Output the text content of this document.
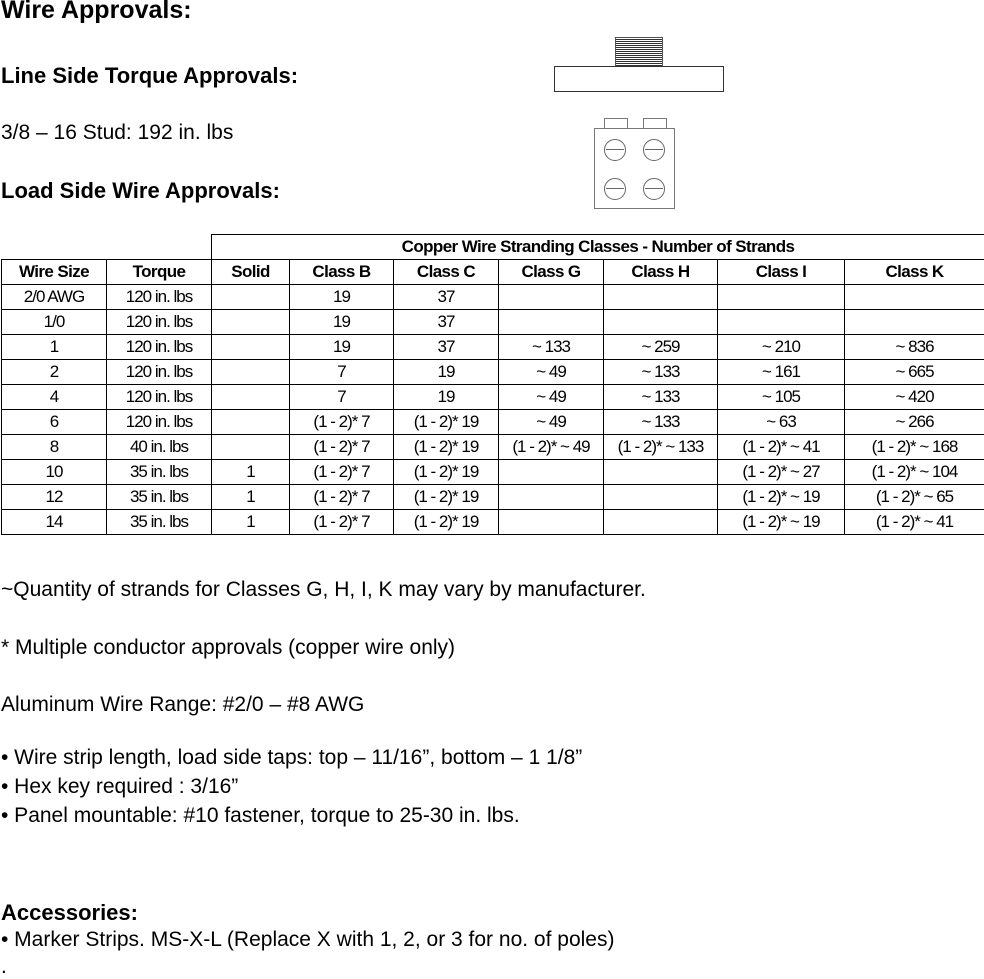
Wire Approvals:
Line Side Torque Approvals:

3/8 – 16 Stud: 192 in. lbs

Load Side Wire Approvals:
		Copper Wire Stranding Classes - Number of Strands						
Wire Size	Torque	Solid	Class B	Class C	Class G	Class H	Class I	Class K
2/0 AWG	120 in. lbs		19	37				
1/0	120 in. lbs		19	37				
1	120 in. lbs		19	37	~ 133	~ 259	~ 210	~ 836
2	120 in. lbs		7	19	~ 49	~ 133	~ 161	~ 665
4	120 in. lbs		7	19	~ 49	~ 133	~ 105	~ 420
6	120 in. lbs		(1 - 2)* 7	(1 - 2)* 19	~ 49	~ 133	~ 63	~ 266
8	40 in. lbs		(1 - 2)* 7	(1 - 2)* 19	(1 - 2)* ~ 49	(1 - 2)* ~ 133	(1 - 2)* ~ 41	(1 - 2)* ~ 168
10	35 in. lbs	1	(1 - 2)* 7	(1 - 2)* 19			(1 - 2)* ~ 27	(1 - 2)* ~ 104
12	35 in. lbs	1	(1 - 2)* 7	(1 - 2)* 19			(1 - 2)* ~ 19	(1 - 2)* ~ 65
14	35 in. lbs	1	(1 - 2)* 7	(1 - 2)* 19			(1 - 2)* ~ 19	(1 - 2)* ~ 41

~Quantity of strands for Classes G, H, I, K may vary by manufacturer.

* Multiple conductor approvals (copper wire only)

Aluminum Wire Range: #2/0 – #8 AWG

• Wire strip length, load side taps: top – 11/16”, bottom – 1 1/8”

• Hex key required : 3/16”

• Panel mountable: #10 fastener, torque to 25-30 in. lbs.

Accessories:

• Marker Strips. MS-X-L (Replace X with 1, 2, or 3 for no. of poles)

.
